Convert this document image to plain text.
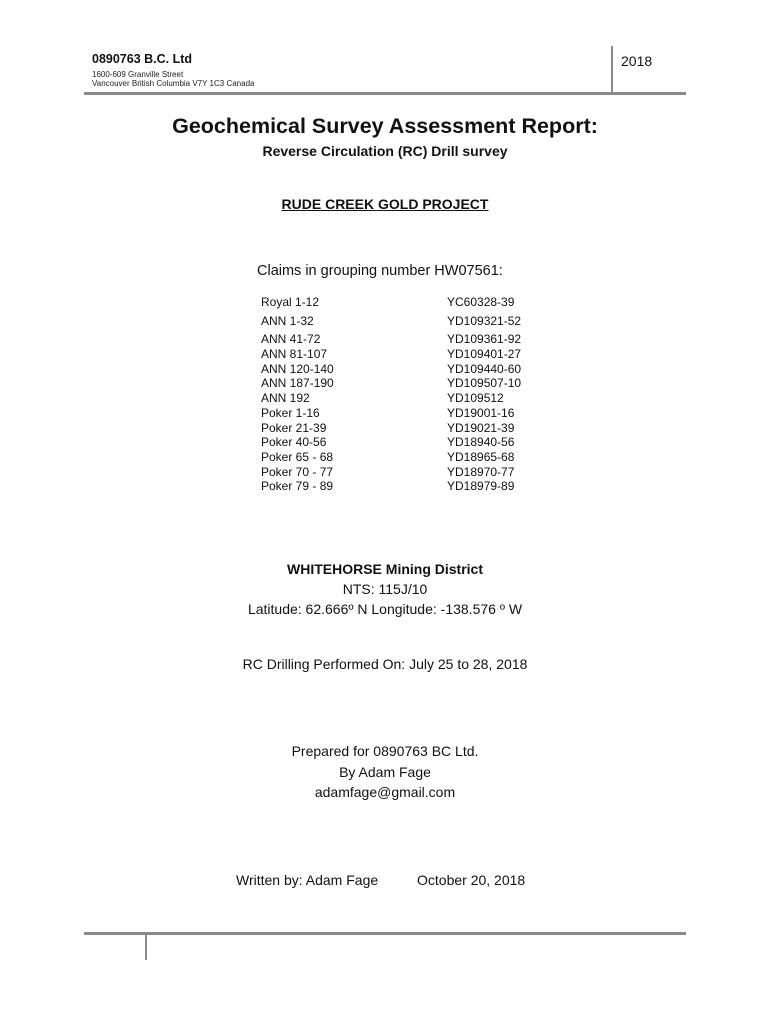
0890763 B.C. Ltd
1600-609 Granville Street
Vancouver British Columbia V7Y 1C3 Canada
2018
Geochemical Survey Assessment Report:
Reverse Circulation (RC) Drill survey
RUDE CREEK GOLD PROJECT
Claims in grouping number HW07561:
Royal 1-12	YC60328-39
ANN 1-32	YD109321-52
ANN 41-72	YD109361-92
ANN 81-107	YD109401-27
ANN 120-140	YD109440-60
ANN 187-190	YD109507-10
ANN 192	YD109512
Poker 1-16	YD19001-16
Poker 21-39	YD19021-39
Poker 40-56	YD18940-56
Poker 65 - 68	YD18965-68
Poker 70 - 77	YD18970-77
Poker 79 - 89	YD18979-89
WHITEHORSE Mining District
NTS: 115J/10
Latitude: 62.666º N Longitude: -138.576 º W
RC Drilling Performed On: July 25 to 28, 2018
Prepared for 0890763 BC Ltd.
By Adam Fage
adamfage@gmail.com
Written by: Adam Fage	October 20, 2018
